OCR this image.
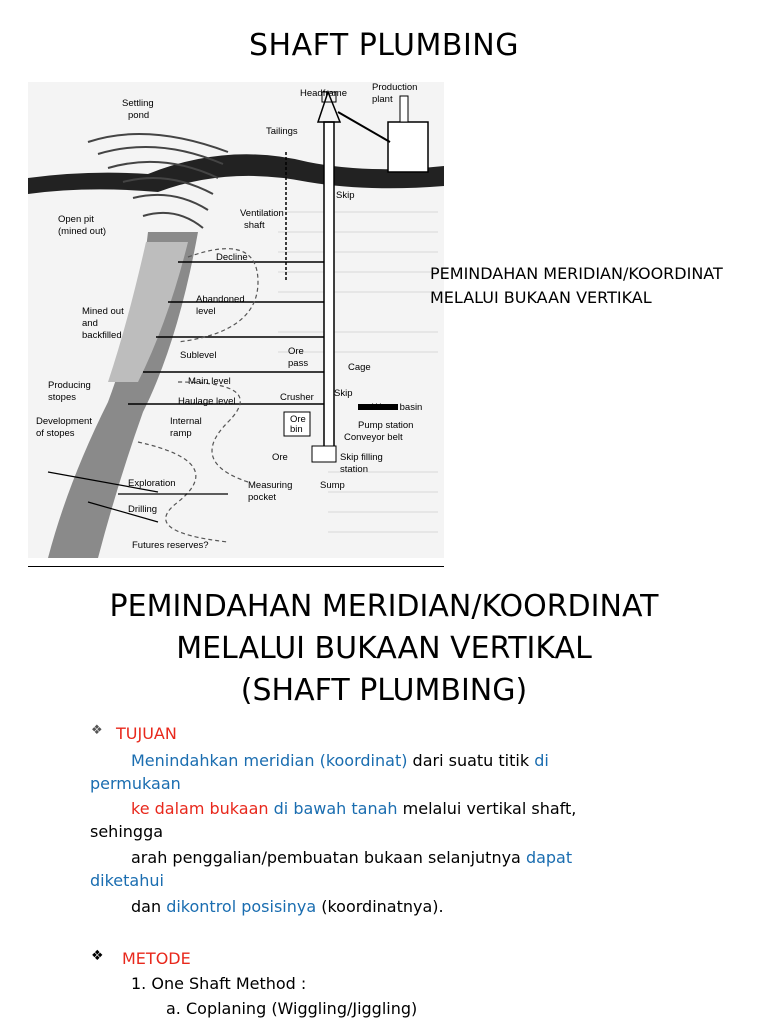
SHAFT PLUMBING
Headframe
Production
plant
Settling
pond
Tailings
Skip
Ventilation
shaft
Open pit
(mined out)
Decline
Abandoned
level
Mined out
and
backfilled
Ore
pass
Sublevel
Cage
Producing
stopes
Main level
Skip
Haulage level	Crusher
Water basin
Development
of stopes
Internal
ramp
Ore
bin	Pump station
Conveyor belt
Ore	Skip filling
station
Exploration	Measuring
pocket
Sump
Drilling
Futures reserves?
PEMINDAHAN MERIDIAN/KOORDINAT
MELALUI BUKAAN VERTIKAL
PEMINDAHAN MERIDIAN/KOORDINAT
MELALUI BUKAAN VERTIKAL
(SHAFT PLUMBING)
❖ TUJUAN
Menindahkan meridian (koordinat) dari suatu titik di
permukaan
ke dalam bukaan di bawah tanah melalui vertikal shaft,
sehingga
arah penggalian/pembuatan bukaan selanjutnya dapat
diketahui
dan dikontrol posisinya (koordinatnya).
❖ METODE
1. One Shaft Method :
a. Coplaning (Wiggling/Jiggling)
